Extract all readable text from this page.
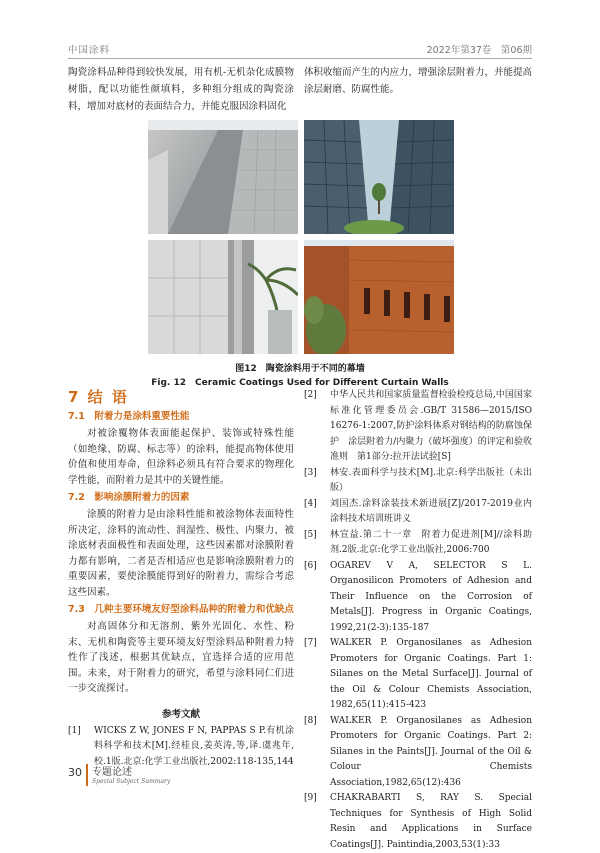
中国涂料	2022年第37卷　第06期
陶瓷涂料品种得到较快发展，用有机-无机杂化成膜物树脂，配以功能性颜填料，多种组分组成的陶瓷涂料，增加对底材的表面结合力，并能克服因涂料固化
体积收缩而产生的内应力，增强涂层附着力，并能提高涂层耐磨、防腐性能。
图12　陶瓷涂料用于不同的幕墙
Fig. 12　Ceramic Coatings Used for Different Curtain Walls
7 结 语
7.1　附着力是涂料重要性能

对被涂覆物体表面能起保护、装饰或特殊性能（如绝缘、防腐、标志等）的涂料，能提高物体使用价值和使用寿命，但涂料必须具有符合要求的物理化学性能，而附着力是其中的关键性能。

7.2　影响涂膜附着力的因素

涂膜的附着力是由涂料性能和被涂物体表面特性所决定，涂料的流动性、润湿性、极性、内聚力，被涂底材表面极性和表面处理，这些因素都对涂膜附着力都有影响，二者是否相适应也是影响涂膜附着力的重要因素，要使涂膜能得到好的附着力，需综合考虑这些因素。

7.3　几种主要环境友好型涂料品种的附着力和优缺点

对高固体分和无溶剂、紫外光固化、水性、粉末、无机和陶瓷等主要环境友好型涂料品种附着力特性作了浅述，根据其优缺点，宜选择合适的应用范围。未来，对于附着力的研究，希望与涂料同仁们进一步交流探讨。

参考文献
[1]	WICKS Z W, JONES F N, PAPPAS S P.有机涂料科学和技术[M].经桂良,姜英涛,等,译.虞兆年,校.1版.北京:化学工业出版社,2002:118-135,144
[2]	中华人民共和国家质量监督检验检疫总局,中国国家标准化管理委员会.GB/T 31586—2015/ISO 16276-1:2007,防护涂料体系对钢结构的防腐蚀保护　涂层附着力/内聚力（破坏强度）的评定和验收准则　第1部分:拉开法试验[S]
[3]	林安.表面科学与技术[M].北京:科学出版社（未出版）
[4]	刘国杰.涂料涂装技术新进展[Z]/2017-2019业内涂料技术培训班讲义
[5]	林宣益.第二十一章　附着力促进剂[M]//涂料助剂.2版.北京:化学工业出版社,2006:700
[6]	OGAREV V A, SELECTOR S L. Organosilicon Promoters of Adhesion and Their Influence on the Corrosion of Metals[J]. Progress in Organic Coatings, 1992,21(2-3):135-187
[7]	WALKER P. Organosilanes as Adhesion Promoters for Organic Coatings. Part 1: Silanes on the Metal Surface[J]. Journal of the Oil & Colour Chemists Association, 1982,65(11):415-423
[8]	WALKER P. Organosilanes as Adhesion Promoters for Organic Coatings. Part 2: Silanes in the Paints[J]. Journal of the Oil & Colour Chemists Association,1982,65(12):436
[9]	CHAKRABARTI S, RAY S. Special Techniques for Synthesis of High Solid Resin and Applications in Surface Coatings[J]. Paintindia,2003,53(1):33
30 专题论述
Special Subject Summary
